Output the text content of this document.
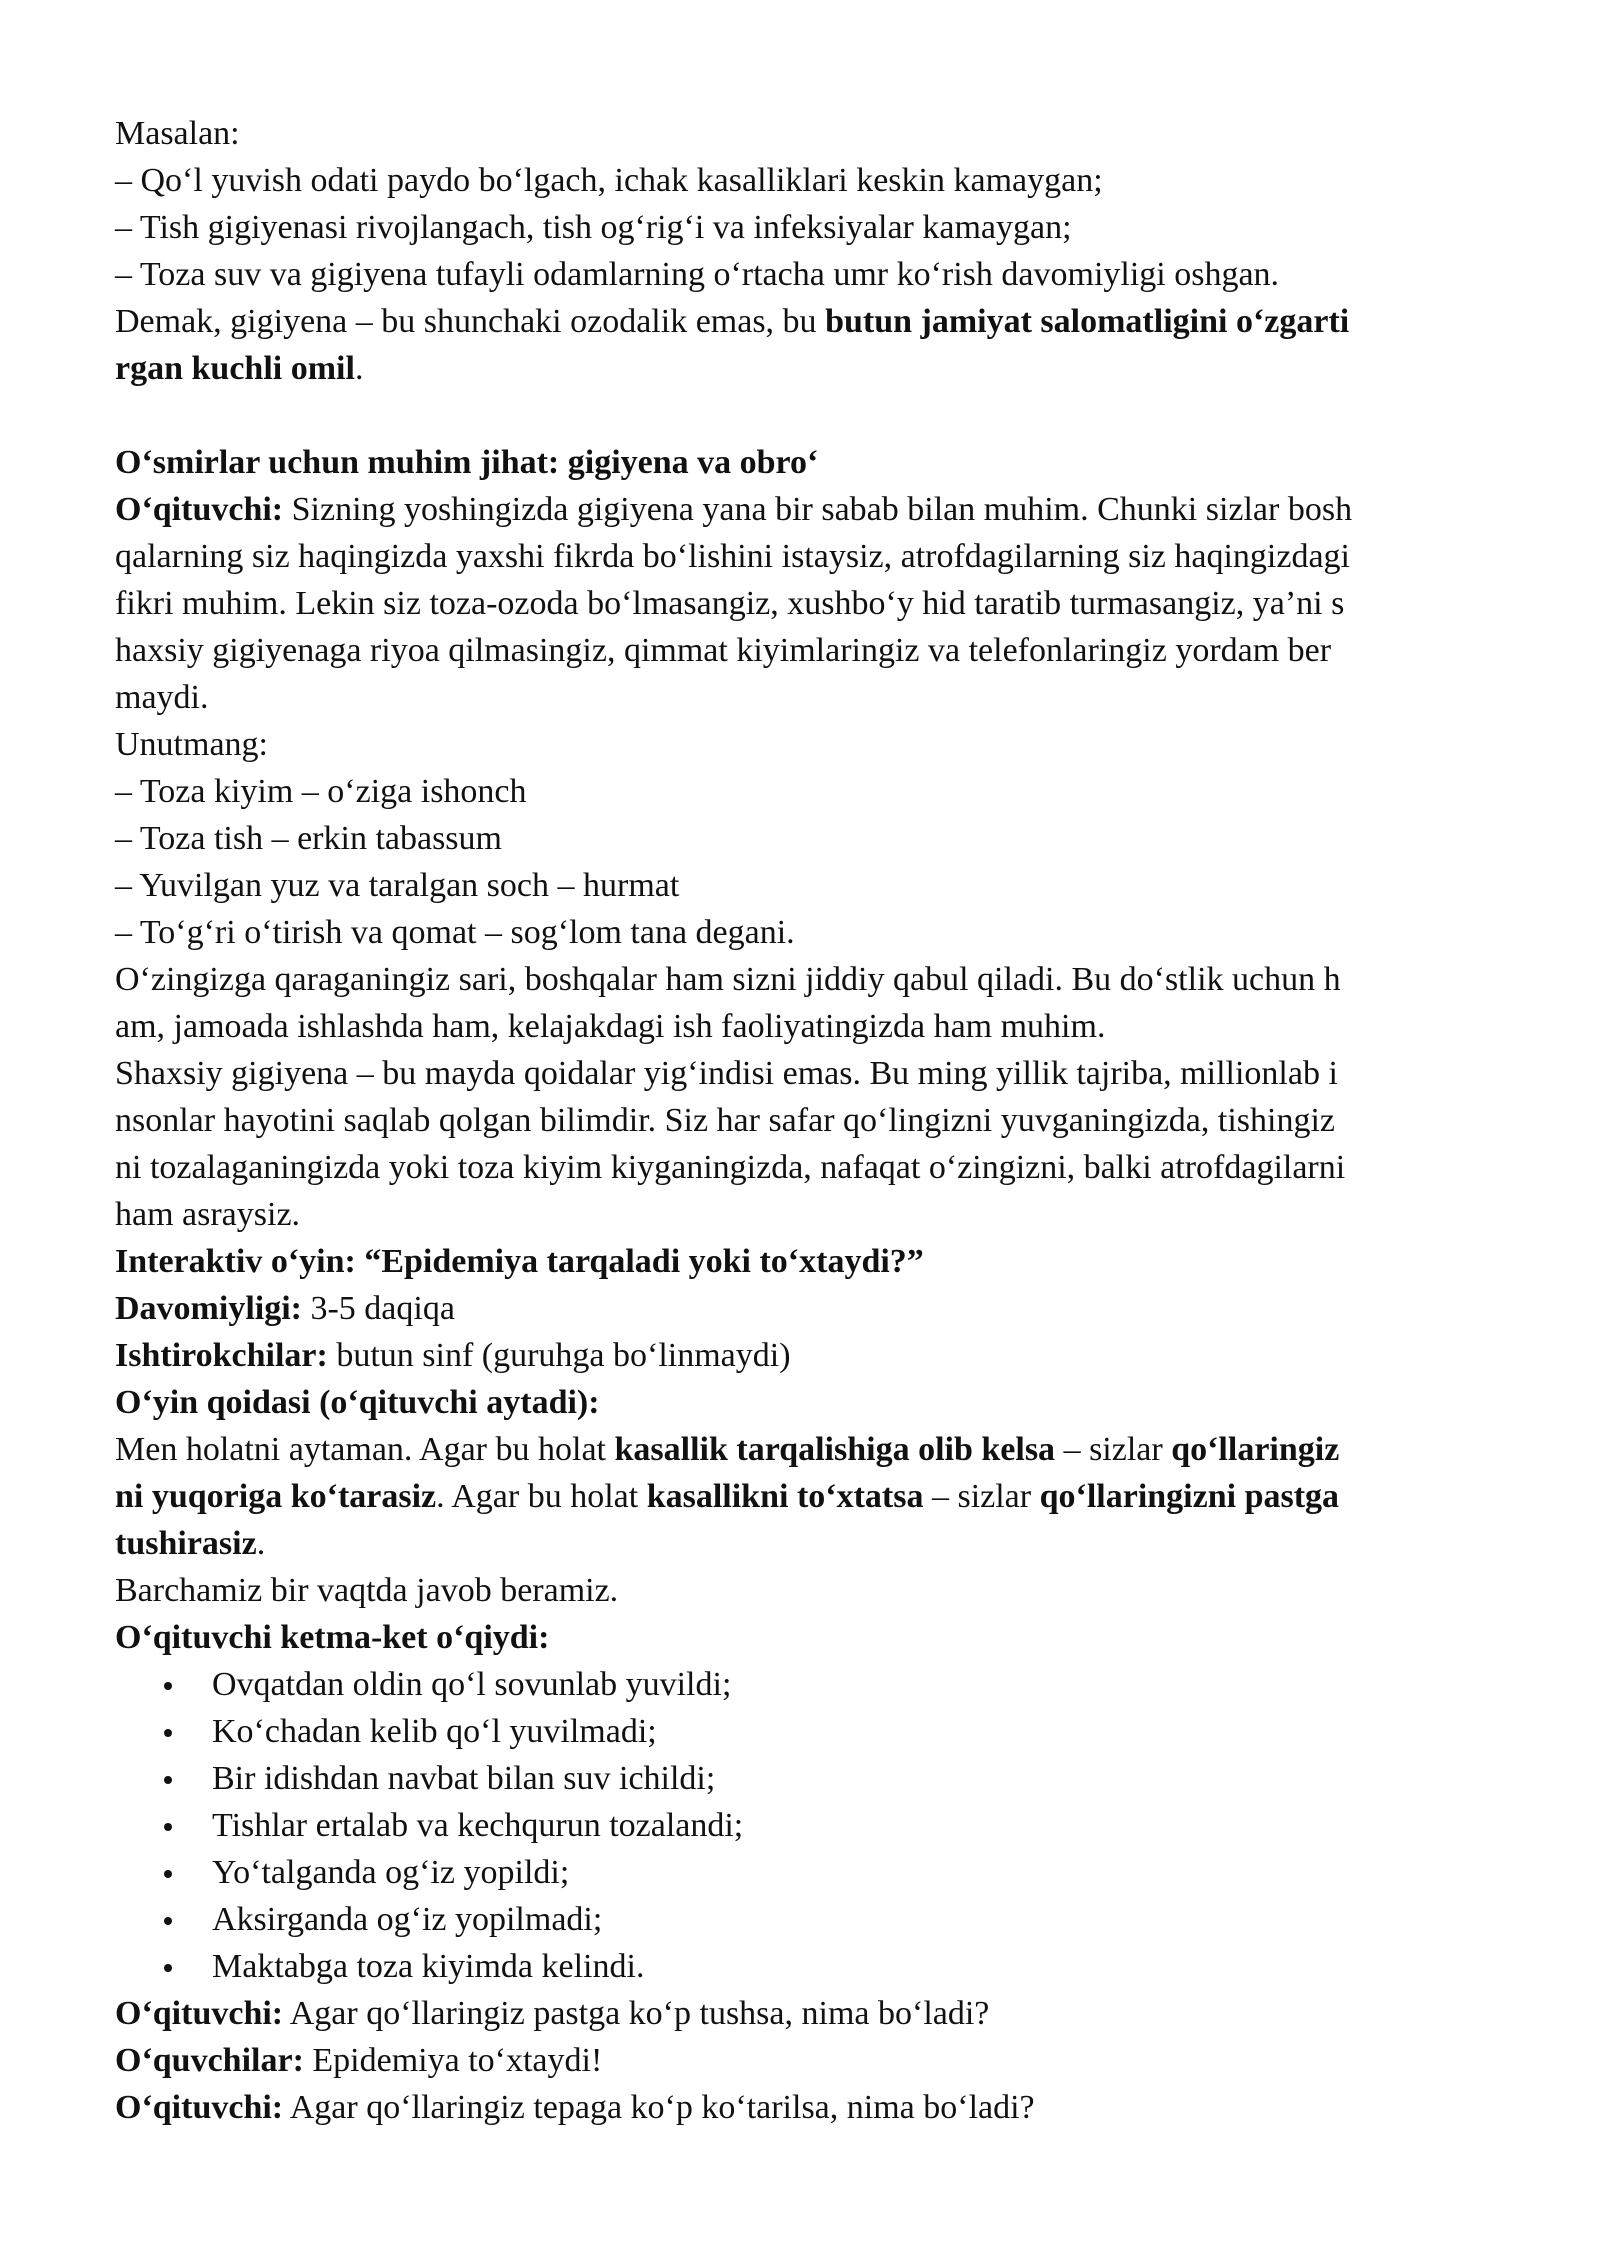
Masalan:
– Qo‘l yuvish odati paydo bo‘lgach, ichak kasalliklari keskin kamaygan;
– Tish gigiyenasi rivojlangach, tish og‘rig‘i va infeksiyalar kamaygan;
– Toza suv va gigiyena tufayli odamlarning o‘rtacha umr ko‘rish davomiyligi oshgan.
Demak, gigiyena – bu shunchaki ozodalik emas, bu butun jamiyat salomatligini o‘zgarti
rgan kuchli omil.
O‘smirlar uchun muhim jihat: gigiyena va obro‘
O‘qituvchi: Sizning yoshingizda gigiyena yana bir sabab bilan muhim. Chunki sizlar bosh
qalarning siz haqingizda yaxshi fikrda bo‘lishini istaysiz, atrofdagilarning siz haqingizdagi
fikri muhim. Lekin siz toza-ozoda bo‘lmasangiz, xushbo‘y hid taratib turmasangiz, ya’ni s
haxsiy gigiyenaga riyoa qilmasingiz, qimmat kiyimlaringiz va telefonlaringiz yordam ber
maydi.
Unutmang:
– Toza kiyim – o‘ziga ishonch
– Toza tish – erkin tabassum
– Yuvilgan yuz va taralgan soch – hurmat
– To‘g‘ri o‘tirish va qomat – sog‘lom tana degani.
O‘zingizga qaraganingiz sari, boshqalar ham sizni jiddiy qabul qiladi. Bu do‘stlik uchun h
am, jamoada ishlashda ham, kelajakdagi ish faoliyatingizda ham muhim.
Shaxsiy gigiyena – bu mayda qoidalar yig‘indisi emas. Bu ming yillik tajriba, millionlab i
nsonlar hayotini saqlab qolgan bilimdir. Siz har safar qo‘lingizni yuvganingizda, tishingiz
ni tozalaganingizda yoki toza kiyim kiyganingizda, nafaqat o‘zingizni, balki atrofdagilarni
ham asraysiz.
Interaktiv o‘yin: “Epidemiya tarqaladi yoki to‘xtaydi?”
Davomiyligi: 3-5 daqiqa
Ishtirokchilar: butun sinf (guruhga bo‘linmaydi)
O‘yin qoidasi (o‘qituvchi aytadi):
Men holatni aytaman. Agar bu holat kasallik tarqalishiga olib kelsa – sizlar qo‘llaringiz
ni yuqoriga ko‘tarasiz. Agar bu holat kasallikni to‘xtatsa – sizlar qo‘llaringizni pastga
tushirasiz.
Barchamiz bir vaqtda javob beramiz.
O‘qituvchi ketma-ket o‘qiydi:
Ovqatdan oldin qo‘l sovunlab yuvildi;
Ko‘chadan kelib qo‘l yuvilmadi;
Bir idishdan navbat bilan suv ichildi;
Tishlar ertalab va kechqurun tozalandi;
Yo‘talganda og‘iz yopildi;
Aksirganda og‘iz yopilmadi;
Maktabga toza kiyimda kelindi.
O‘qituvchi: Agar qo‘llaringiz pastga ko‘p tushsa, nima bo‘ladi?
O‘quvchilar: Epidemiya to‘xtaydi!
O‘qituvchi: Agar qo‘llaringiz tepaga ko‘p ko‘tarilsa, nima bo‘ladi?
